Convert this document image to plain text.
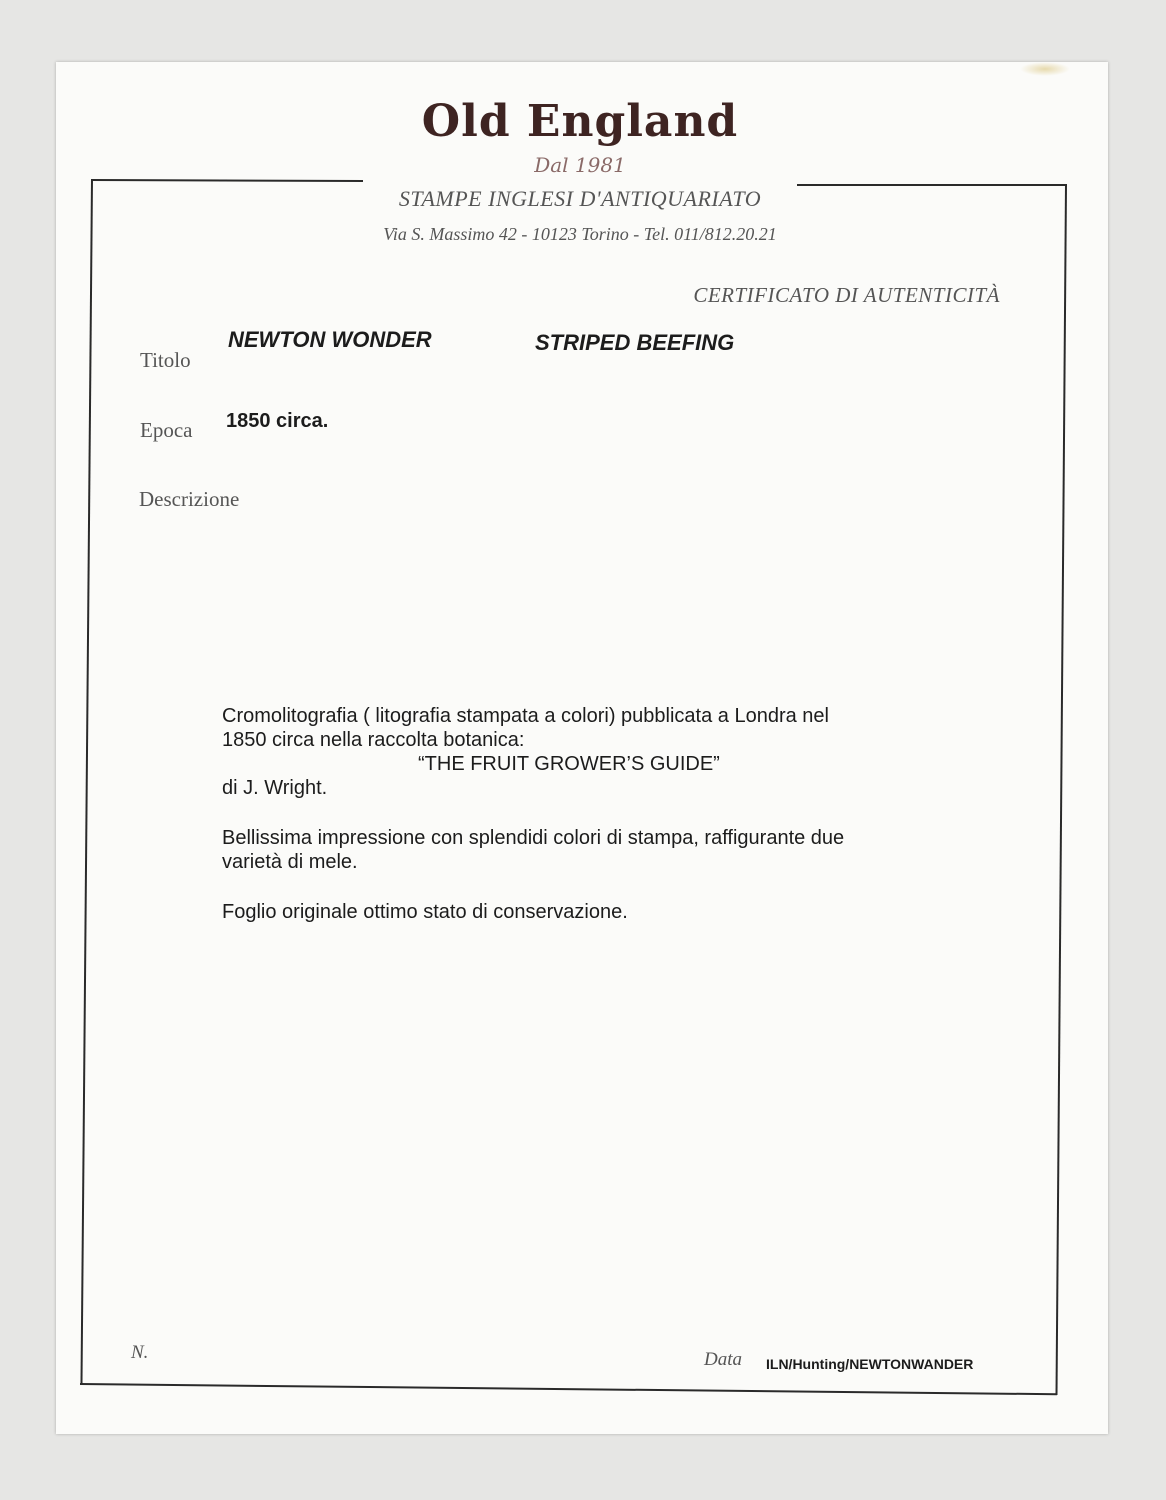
Old England
Dal 1981
STAMPE INGLESI D'ANTIQUARIATO
Via S. Massimo 42 - 10123 Torino - Tel. 011/812.20.21
CERTIFICATO DI AUTENTICITÀ
Titolo
NEWTON WONDER	STRIPED BEEFING
Epoca 1850 circa.
Descrizione

Cromolitografia ( litografia stampata a colori) pubblicata a Londra nel

1850 circa nella raccolta botanica:

“THE FRUIT GROWER’S GUIDE”

di J. Wright.

Bellissima impressione con splendidi colori di stampa, raffigurante due

varietà di mele.

Foglio originale ottimo stato di conservazione.

N.	Data ILN/Hunting/NEWTONWANDER
